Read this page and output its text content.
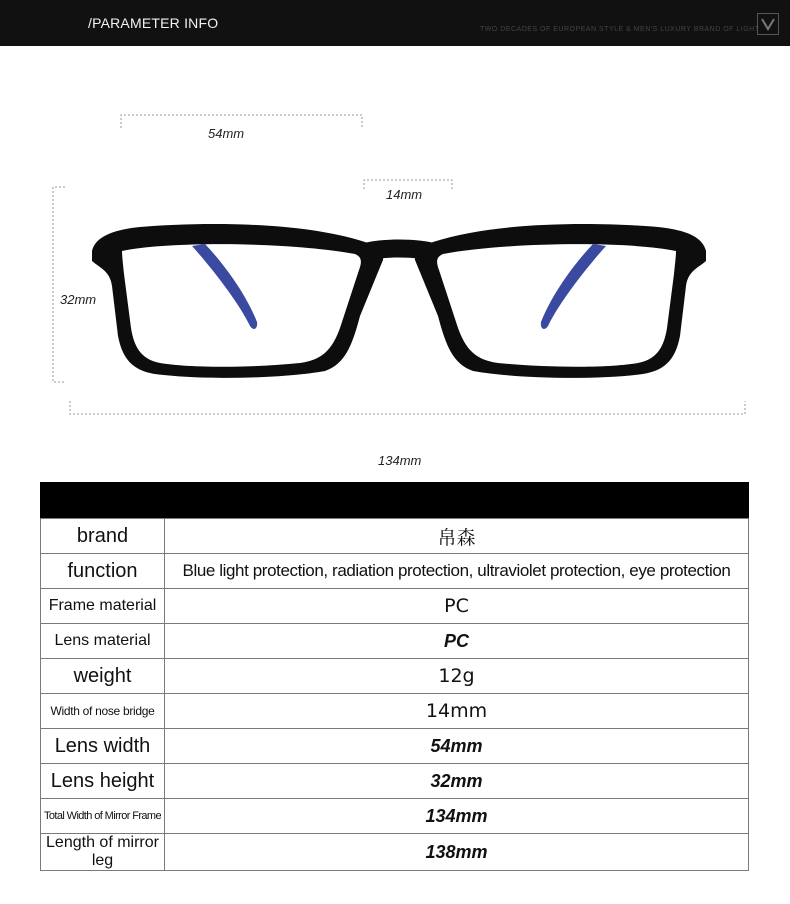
/PARAMETER INFO	TWO DECADES OF EUROPEAN STYLE & MEN'S LUXURY BRAND OF LIGHT
54mm
14mm
32mm
134mm
brand	帛森
function	Blue light protection, radiation protection, ultraviolet protection, eye protection
Frame material	PC
Lens material	PC
weight	12g
Width of nose bridge	14mm
Lens width	54mm
Lens height	32mm
Total Width of Mirror Frame	134mm
Length of mirror leg	138mm
